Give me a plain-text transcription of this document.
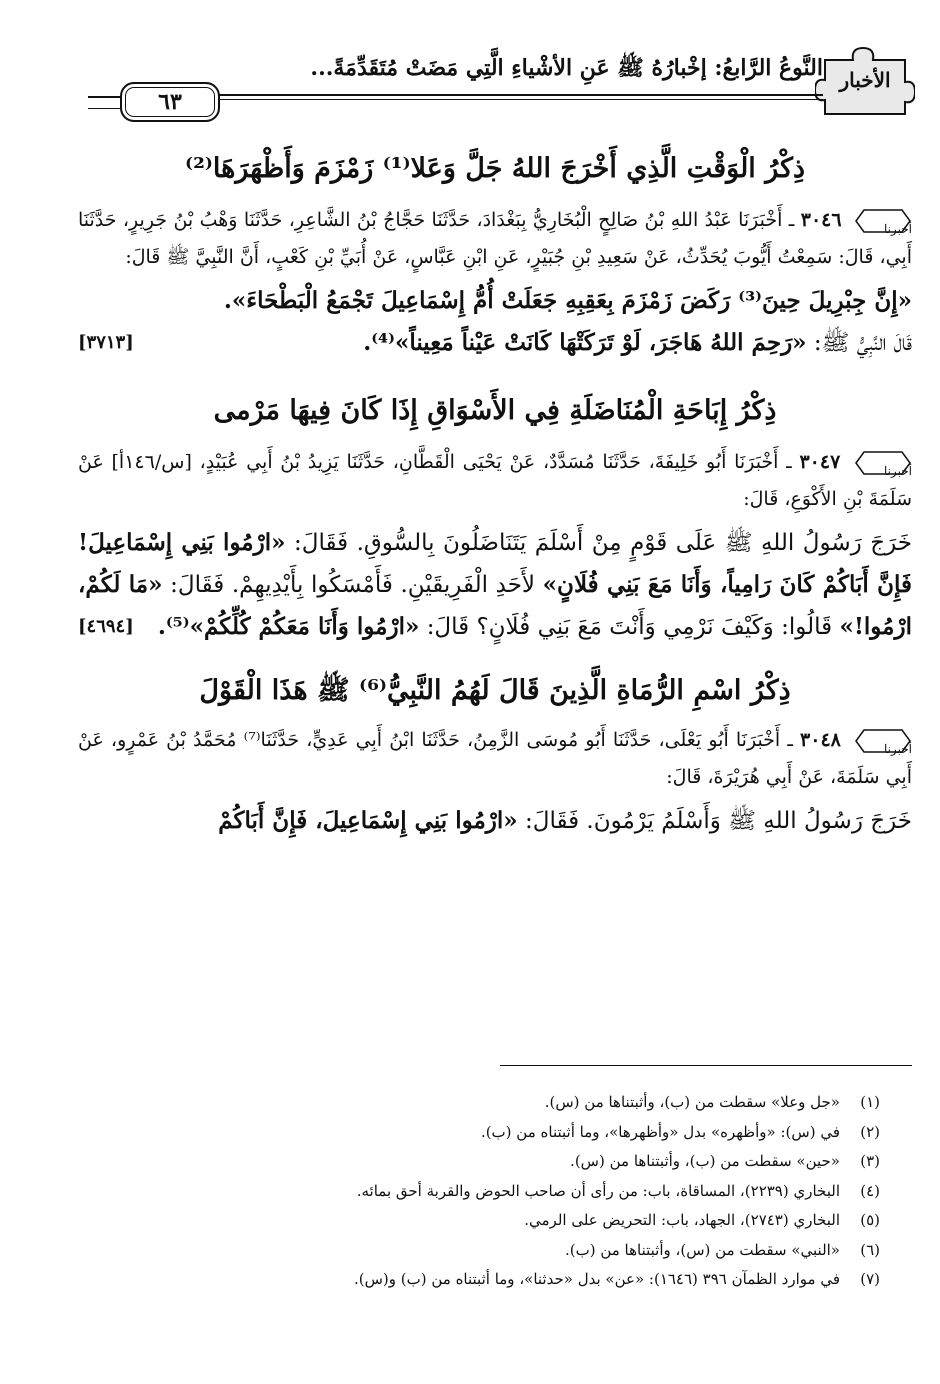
الأخبار
النَّوعُ الرَّابعُ: إخْبارُهُ ﷺ عَنِ الأشْياءِ الَّتِي مَضَتْ مُتَقَدِّمَةً...
٦٣
ذِكْرُ الْوَقْتِ الَّذِي أَخْرَجَ اللهُ جَلَّ وَعَلا⁽¹⁾ زَمْزَمَ وَأَظْهَرَهَا⁽²⁾

أخبرنا
٣٠٤٦ ـ أَخْبَرَنَا عَبْدُ اللهِ بْنُ صَالِحٍ الْبُخَارِيُّ بِبَغْدَادَ، حَدَّثَنَا حَجَّاجُ بْنُ الشَّاعِرِ، حَدَّثَنَا وَهْبُ بْنُ جَرِيرٍ، حَدَّثَنَا أَبِي، قَالَ: سَمِعْتُ أَيُّوبَ يُحَدِّثُ، عَنْ سَعِيدِ بْنِ جُبَيْرٍ، عَنِ ابْنِ عَبَّاسٍ، عَنْ أُبَيِّ بْنِ كَعْبٍ، أَنَّ النَّبِيَّ ﷺ قَالَ:

«إِنَّ جِبْرِيلَ حِينَ⁽³⁾ رَكَضَ زَمْزَمَ بِعَقِبِهِ جَعَلَتْ أُمُّ إِسْمَاعِيلَ تَجْمَعُ الْبَطْحَاءَ».

[٣٧١٣]	قَالَ النَّبِيُّ ﷺ: «رَحِمَ اللهُ هَاجَرَ، لَوْ تَرَكَتْهَا كَانَتْ عَيْناً مَعِيناً»⁽⁴⁾.

ذِكْرُ إِبَاحَةِ الْمُنَاضَلَةِ فِي الأَسْوَاقِ إِذَا كَانَ فِيهَا مَرْمى

أخبرنا
٣٠٤٧ ـ أَخْبَرَنَا أَبُو خَلِيفَةَ، حَدَّثَنَا مُسَدَّدٌ، عَنْ يَحْيَى الْقَطَّانِ، حَدَّثَنَا يَزِيدُ بْنُ أَبِي عُبَيْدٍ، [س/١٤٦أ] عَنْ سَلَمَةَ بْنِ الأَكْوَعِ، قَالَ:

خَرَجَ رَسُولُ اللهِ ﷺ عَلَى قَوْمٍ مِنْ أَسْلَمَ يَتَنَاضَلُونَ بِالسُّوقِ. فَقَالَ: «ارْمُوا بَنِي إِسْمَاعِيلَ! فَإِنَّ أَبَاكُمْ كَانَ رَامِياً، وَأَنَا مَعَ بَنِي فُلَانٍ» لأَحَدِ الْفَرِيقَيْنِ. فَأَمْسَكُوا بِأَيْدِيهِمْ. فَقَالَ: «مَا لَكُمْ، ارْمُوا!» قَالُوا: وَكَيْفَ نَرْمِي وَأَنْتَ مَعَ بَنِي فُلَانٍ؟ قَالَ: «ارْمُوا وَأَنَا مَعَكُمْ كُلِّكُمْ»⁽⁵⁾.
[٤٦٩٤]

ذِكْرُ اسْمِ الرُّمَاةِ الَّذِينَ قَالَ لَهُمُ النَّبِيُّ⁽⁶⁾ ﷺ هَذَا الْقَوْلَ

أخبرنا
٣٠٤٨ ـ أَخْبَرَنَا أَبُو يَعْلَى، حَدَّثَنَا أَبُو مُوسَى الزَّمِنُ، حَدَّثَنَا ابْنُ أَبِي عَدِيٍّ، حَدَّثَنَا⁽⁷⁾ مُحَمَّدُ بْنُ عَمْرٍو، عَنْ أَبِي سَلَمَةَ، عَنْ أَبِي هُرَيْرَةَ، قَالَ:

خَرَجَ رَسُولُ اللهِ ﷺ وَأَسْلَمُ يَرْمُونَ. فَقَالَ: «ارْمُوا بَنِي إِسْمَاعِيلَ، فَإِنَّ أَبَاكُمْ

(١)«جل وعلا» سقطت من (ب)، وأثبتناها من (س).

(٢)في (س): «وأظهره» بدل «وأظهرها»، وما أثبتناه من (ب).

(٣)«حين» سقطت من (ب)، وأثبتناها من (س).

(٤)البخاري (٢٢٣٩)، المساقاة، باب: من رأى أن صاحب الحوض والقربة أحق بمائه.

(٥)البخاري (٢٧٤٣)، الجهاد، باب: التحريض على الرمي.

(٦)«النبي» سقطت من (س)، وأثبتناها من (ب).

(٧)في موارد الظمآن ٣٩٦ (١٦٤٦): «عن» بدل «حدثنا»، وما أثبتناه من (ب) و(س).
